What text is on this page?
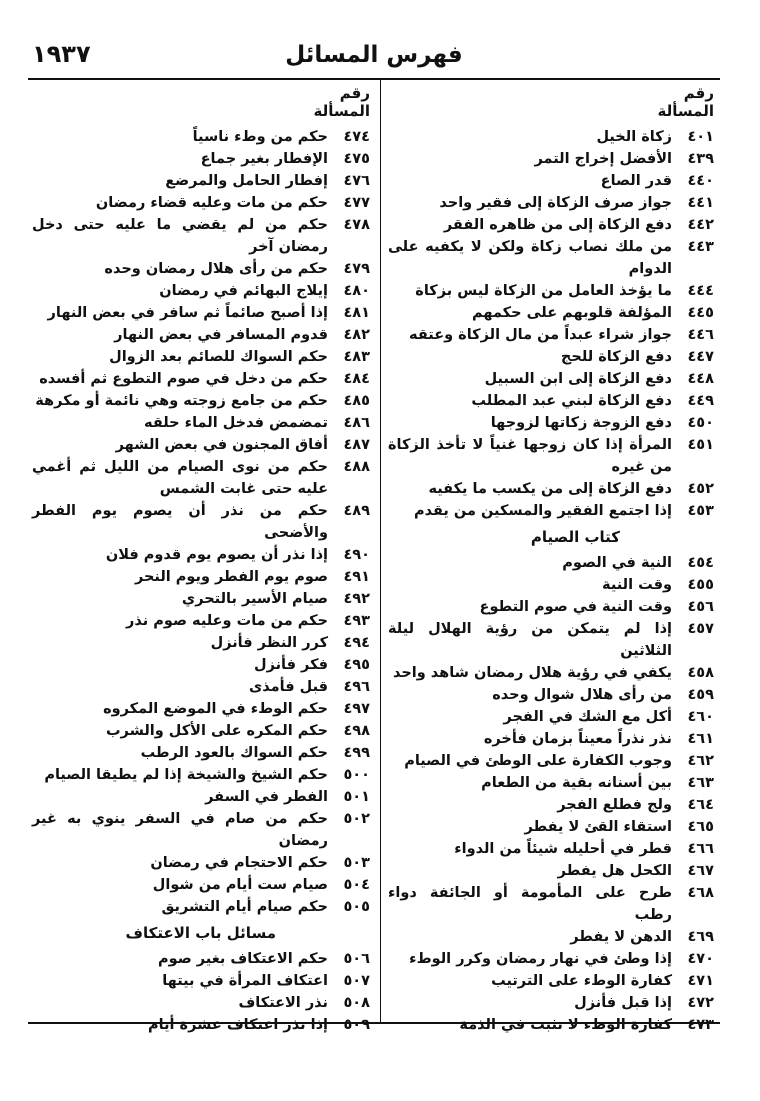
١٩٣٧	فهرس المسائل
رقم
المسألة
٤٠١
زكاة الخيل
٤٣٩
الأفضل إخراج التمر
٤٤٠
قدر الصاع
٤٤١
جواز صرف الزكاة إلى فقير واحد
٤٤٢
دفع الزكاة إلى من ظاهره الفقر
٤٤٣
من ملك نصاب زكاة ولكن لا يكفيه على الدوام
٤٤٤
ما يؤخذ العامل من الزكاة ليس بزكاة
٤٤٥
المؤلفة قلوبهم على حكمهم
٤٤٦
جواز شراء عبداً من مال الزكاة وعتقه
٤٤٧
دفع الزكاة للحج
٤٤٨
دفع الزكاة إلى ابن السبيل
٤٤٩
دفع الزكاة لبني عبد المطلب
٤٥٠
دفع الزوجة زكاتها لزوجها
٤٥١
المرأة إذا كان زوجها غنياً لا تأخذ الزكاة من غيره
٤٥٢
دفع الزكاة إلى من يكسب ما يكفيه
٤٥٣
إذا اجتمع الفقير والمسكين من يقدم
كتاب الصيام
٤٥٤
النية في الصوم
٤٥٥
وقت النية
٤٥٦
وقت النية في صوم التطوع
٤٥٧
إذا لم يتمكن من رؤية الهلال ليلة الثلاثين
٤٥٨
يكفي في رؤية هلال رمضان شاهد واحد
٤٥٩
من رأى هلال شوال وحده
٤٦٠
أكل مع الشك في الفجر
٤٦١
نذر نذراً معيناً بزمان فأخره
٤٦٢
وجوب الكفارة على الوطئ في الصيام
٤٦٣
بين أسنانه بقية من الطعام
٤٦٤
ولج فطلع الفجر
٤٦٥
استقاء القئ لا يفطر
٤٦٦
قطر في أحليله شيئاً من الدواء
٤٦٧
الكحل هل يفطر
٤٦٨
طرح على المأمومة أو الجائفة دواء رطب
٤٦٩
الدهن لا يفطر
٤٧٠
إذا وطئ في نهار رمضان وكرر الوطء
٤٧١
كفارة الوطء على الترتيب
٤٧٢
إذا قبل فأنزل
٤٧٣
كفارة الوطء لا تثبت في الذمة
رقم
المسألة
٤٧٤
حكم من وطء ناسياً
٤٧٥
الإفطار بغير جماع
٤٧٦
إفطار الحامل والمرضع
٤٧٧
حكم من مات وعليه قضاء رمضان
٤٧٨
حكم من لم يقضي ما عليه حتى دخل رمضان آخر
٤٧٩
حكم من رأى هلال رمضان وحده
٤٨٠
إيلاج البهائم في رمضان
٤٨١
إذا أصبح صائماً ثم سافر في بعض النهار
٤٨٢
قدوم المسافر في بعض النهار
٤٨٣
حكم السواك للصائم بعد الزوال
٤٨٤
حكم من دخل في صوم التطوع ثم أفسده
٤٨٥
حكم من جامع زوجته وهي نائمة أو مكرهة
٤٨٦
تمضمض فدخل الماء حلقه
٤٨٧
أفاق المجنون في بعض الشهر
٤٨٨
حكم من نوى الصيام من الليل ثم أغمي عليه حتى غابت الشمس
٤٨٩
حكم من نذر أن يصوم يوم الفطر والأضحى
٤٩٠
إذا نذر أن يصوم يوم قدوم فلان
٤٩١
صوم يوم الفطر ويوم النحر
٤٩٢
صيام الأسير بالتحري
٤٩٣
حكم من مات وعليه صوم نذر
٤٩٤
كرر النظر فأنزل
٤٩٥
فكر فأنزل
٤٩٦
قبل فأمذى
٤٩٧
حكم الوطء في الموضع المكروه
٤٩٨
حكم المكره على الأكل والشرب
٤٩٩
حكم السواك بالعود الرطب
٥٠٠
حكم الشيخ والشيخة إذا لم يطيقا الصيام
٥٠١
الفطر في السفر
٥٠٢
حكم من صام في السفر ينوي به غير رمضان
٥٠٣
حكم الاحتجام في رمضان
٥٠٤
صيام ست أيام من شوال
٥٠٥
حكم صيام أيام التشريق
مسائل باب الاعتكاف
٥٠٦
حكم الاعتكاف بغير صوم
٥٠٧
اعتكاف المرأة في بيتها
٥٠٨
نذر الاعتكاف
٥٠٩
إذا نذر اعتكاف عشرة أيام
